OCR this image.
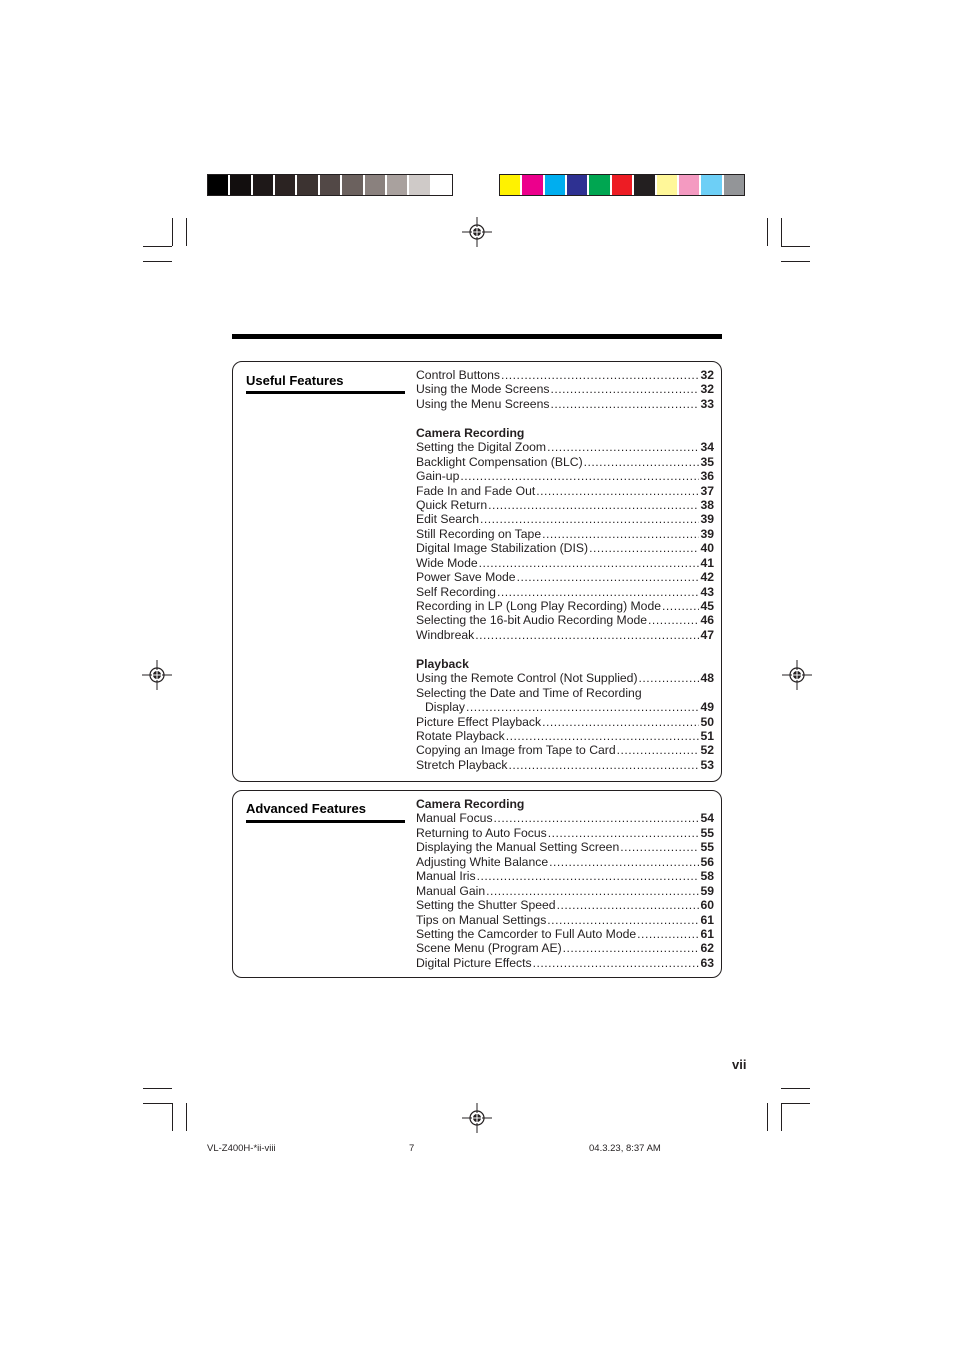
Useful Features	Control Buttons .....	32
Using the Mode Screens .....	32
Using the Menu Screens .....	33
Camera Recording
Setting the Digital Zoom .....	34
Backlight Compensation (BLC) .....	35
Gain-up .....	36
Fade In and Fade Out .....	37
Quick Return .....	38
Edit Search .....	39
Still Recording on Tape .....	39
Digital Image Stabilization (DIS) .....	40
Wide Mode .....	41
Power Save Mode .....	42
Self Recording .....	43
Recording in LP (Long Play Recording) Mode .....	45
Selecting the 16-bit Audio Recording Mode .....	46
Windbreak .....	47
Playback
Using the Remote Control (Not Supplied) .....	48
Selecting the Date and Time of Recording
Display .....	49
Picture Effect Playback .....	50
Rotate Playback .....	51
Copying an Image from Tape to Card .....	52
Stretch Playback .....	53
Advanced Features	Camera Recording
Manual Focus .....	54
Returning to Auto Focus .....	55
Displaying the Manual Setting Screen .....	55
Adjusting White Balance .....	56
Manual Iris .....	58
Manual Gain .....	59
Setting the Shutter Speed .....	60
Tips on Manual Settings .....	61
Setting the Camcorder to Full Auto Mode .....	61
Scene Menu (Program AE) .....	62
Digital Picture Effects .....	63
vii
VL-Z400H-*ii-viii	7	04.3.23, 8:37 AM
